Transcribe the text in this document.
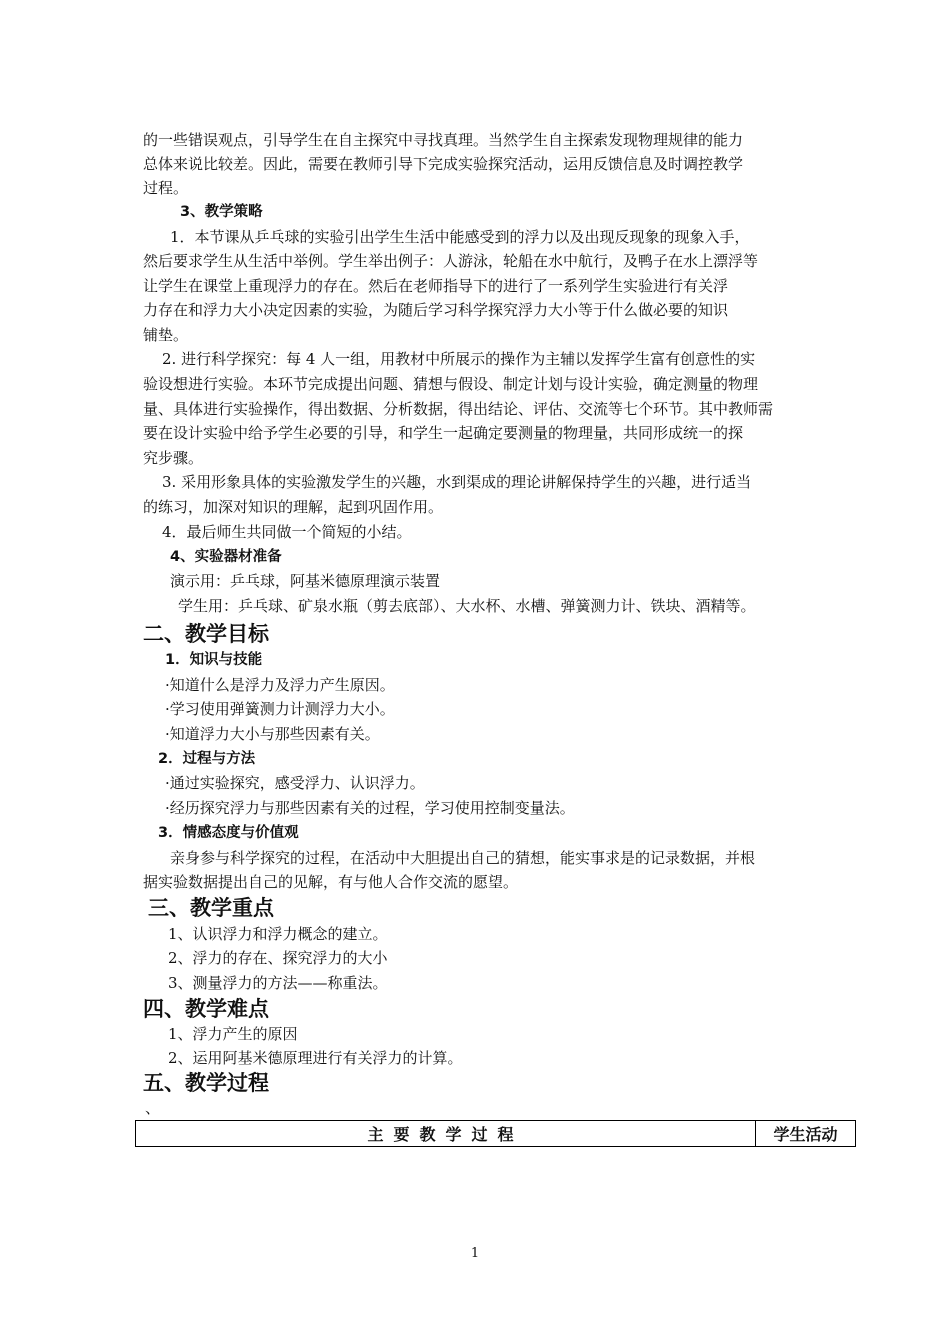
的一些错误观点，引导学生在自主探究中寻找真理。当然学生自主探索发现物理规律的能力
总体来说比较差。因此，需要在教师引导下完成实验探究活动，运用反馈信息及时调控教学
过程。
3、教学策略
1．本节课从乒乓球的实验引出学生生活中能感受到的浮力以及出现反现象的现象入手，
然后要求学生从生活中举例。学生举出例子：人游泳，轮船在水中航行，及鸭子在水上漂浮等
让学生在课堂上重现浮力的存在。然后在老师指导下的进行了一系列学生实验进行有关浮
力存在和浮力大小决定因素的实验，为随后学习科学探究浮力大小等于什么做必要的知识
铺垫。
2. 进行科学探究：每 4 人一组，用教材中所展示的操作为主辅以发挥学生富有创意性的实
验设想进行实验。本环节完成提出问题、猜想与假设、制定计划与设计实验，确定测量的物理
量、具体进行实验操作，得出数据、分析数据，得出结论、评估、交流等七个环节。其中教师需
要在设计实验中给予学生必要的引导，和学生一起确定要测量的物理量，共同形成统一的探
究步骤。
3. 采用形象具体的实验激发学生的兴趣，水到渠成的理论讲解保持学生的兴趣，进行适当
的练习，加深对知识的理解，起到巩固作用。
4．最后师生共同做一个简短的小结。
4、实验器材准备
演示用：乒乓球，阿基米德原理演示装置
学生用：乒乓球、矿泉水瓶（剪去底部）、大水杯、水槽、弹簧测力计、铁块、酒精等。
二、教学目标
1．知识与技能
·知道什么是浮力及浮力产生原因。
·学习使用弹簧测力计测浮力大小。
·知道浮力大小与那些因素有关。
2．过程与方法
·通过实验探究，感受浮力、认识浮力。
·经历探究浮力与那些因素有关的过程，学习使用控制变量法。
3．情感态度与价值观
亲身参与科学探究的过程，在活动中大胆提出自己的猜想，能实事求是的记录数据，并根
据实验数据提出自己的见解，有与他人合作交流的愿望。
三、教学重点
1、认识浮力和浮力概念的建立。
2、浮力的存在、探究浮力的大小
3、测量浮力的方法——称重法。
四、教学难点
1、浮力产生的原因
2、运用阿基米德原理进行有关浮力的计算。
五、教学过程
、
主要教学过程	学生活动
1
